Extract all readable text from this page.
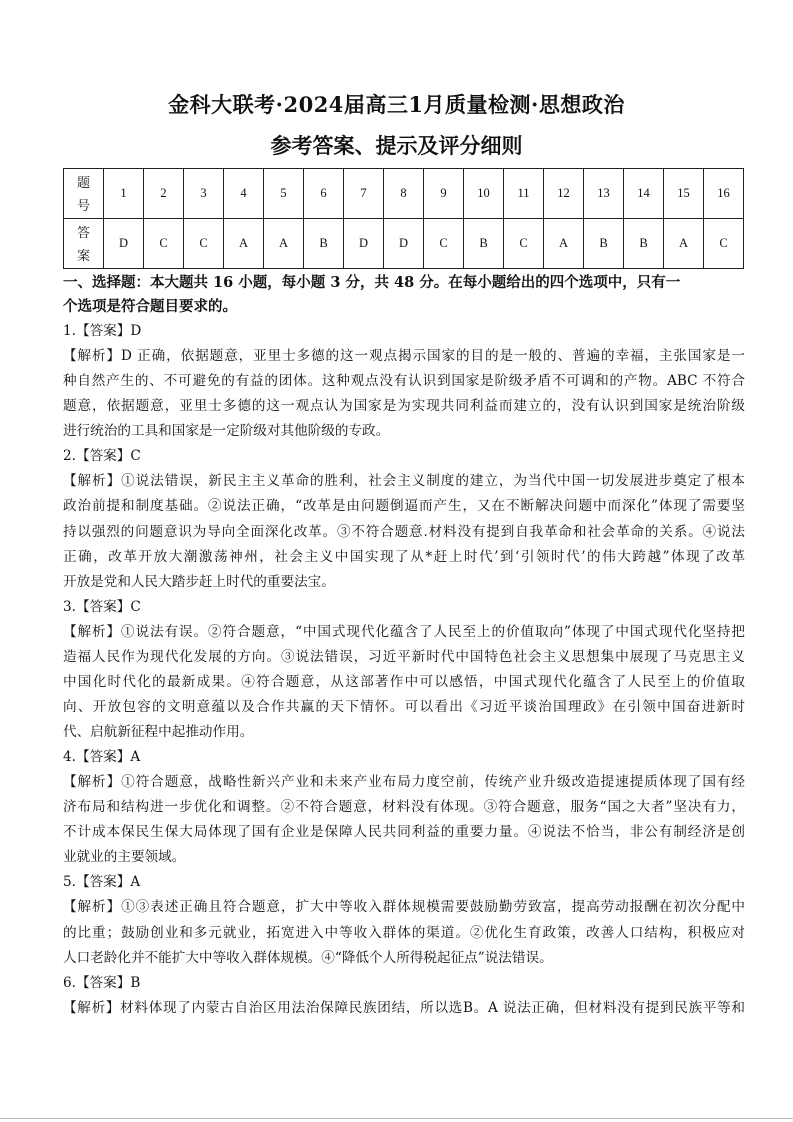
金科大联考·2024届高三1月质量检测·思想政治
参考答案、提示及评分细则
题号	1	2	3	4	5	6	7	8	9	10	11	12	13	14	15	16
答案	D	C	C	A	A	B	D	D	C	B	C	A	B	B	A	C
一、选择题：本大题共 16 小题，每小题 3 分，共 48 分。在每小题给出的四个选项中，只有一
个选项是符合题目要求的。
1.【答案】D
【解析】D 正确，依据题意，亚里士多德的这一观点揭示国家的目的是一般的、普遍的幸福，主张国家是一
种自然产生的、不可避免的有益的团体。这种观点没有认识到国家是阶级矛盾不可调和的产物。ABC 不符合
题意，依据题意，亚里士多德的这一观点认为国家是为实现共同利益而建立的，没有认识到国家是统治阶级
进行统治的工具和国家是一定阶级对其他阶级的专政。
2.【答案】C
【解析】①说法错误，新民主主义革命的胜利，社会主义制度的建立，为当代中国一切发展进步奠定了根本
政治前提和制度基础。②说法正确，“改革是由问题倒逼而产生，又在不断解决问题中而深化”体现了需要坚
持以强烈的问题意识为导向全面深化改革。③不符合题意.材料没有提到自我革命和社会革命的关系。④说法
正确，改革开放大潮激荡神州，社会主义中国实现了从*赶上时代’到‘引领时代’的伟大跨越”体现了改革
开放是党和人民大踏步赶上时代的重要法宝。
3.【答案】C
【解析】①说法有误。②符合题意，“中国式现代化蕴含了人民至上的价值取向”体现了中国式现代化坚持把
造福人民作为现代化发展的方向。③说法错误，习近平新时代中国特色社会主义思想集中展现了马克思主义
中国化时代化的最新成果。④符合题意，从这部著作中可以感悟，中国式现代化蕴含了人民至上的价值取
向、开放包容的文明意蕴以及合作共赢的天下情怀。可以看出《习近平谈治国理政》在引领中国奋进新时
代、启航新征程中起推动作用。
4.【答案】A
【解析】①符合题意，战略性新兴产业和未来产业布局力度空前，传统产业升级改造提速提质体现了国有经
济布局和结构进一步优化和调整。②不符合题意，材料没有体现。③符合题意，服务“国之大者”坚决有力，
不计成本保民生保大局体现了国有企业是保障人民共同利益的重要力量。④说法不恰当，非公有制经济是创
业就业的主要领域。
5.【答案】A
【解析】①③表述正确且符合题意，扩大中等收入群体规模需要鼓励勤劳致富，提高劳动报酬在初次分配中
的比重；鼓励创业和多元就业，拓宽进入中等收入群体的渠道。②优化生育政策，改善人口结构，积极应对
人口老龄化并不能扩大中等收入群体规模。④“降低个人所得税起征点”说法错误。
6.【答案】B
【解析】材料体现了内蒙古自治区用法治保障民族团结，所以选B。A 说法正确，但材料没有提到民族平等和
